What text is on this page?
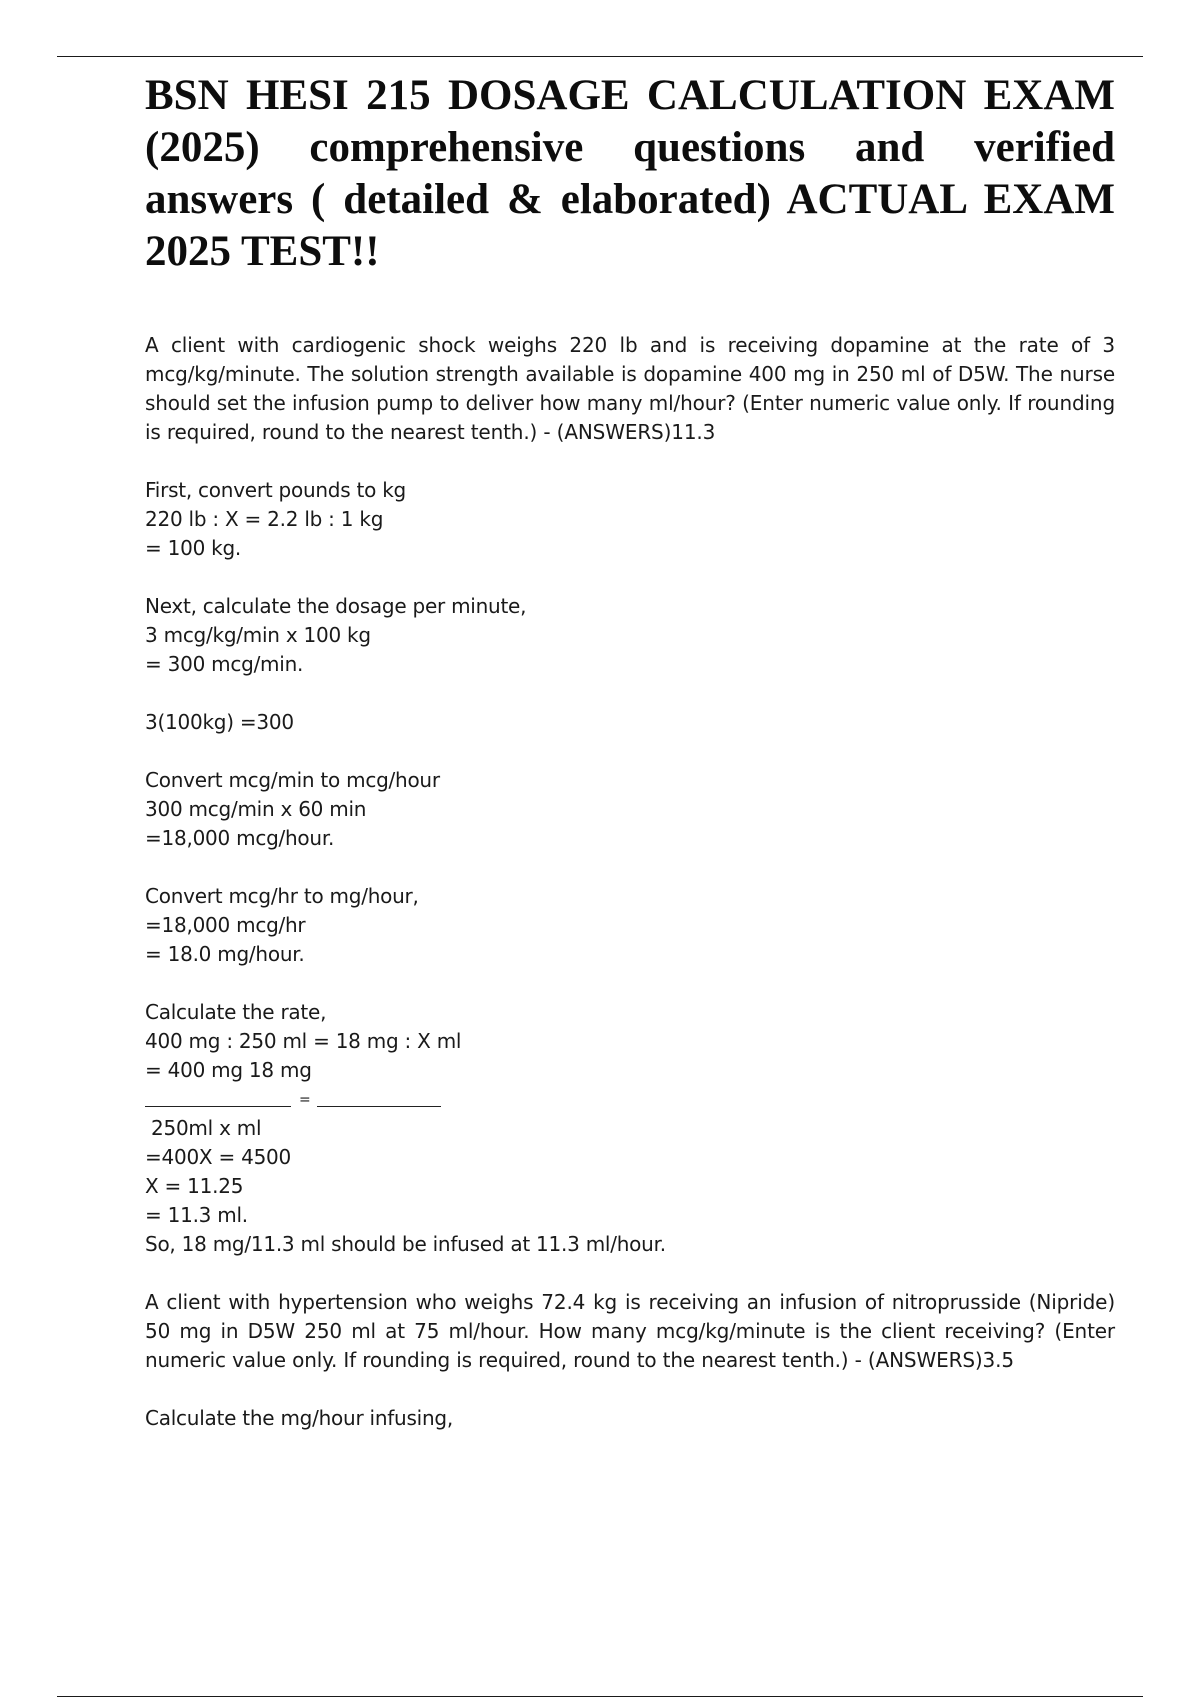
BSN HESI 215 DOSAGE CALCULATION EXAM (2025) comprehensive questions and verified answers ( detailed & elaborated) ACTUAL EXAM 2025 TEST!!

A client with cardiogenic shock weighs 220 lb and is receiving dopamine at the rate of 3 mcg/kg/minute. The solution strength available is dopamine 400 mg in 250 ml of D5W. The nurse should set the infusion pump to deliver how many ml/hour? (Enter numeric value only. If rounding is required, round to the nearest tenth.) - (ANSWERS)11.3

First, convert pounds to kg
220 lb : X = 2.2 lb : 1 kg
= 100 kg.
Next, calculate the dosage per minute,
3 mcg/kg/min x 100 kg
= 300 mcg/min.
3(100kg) =300
Convert mcg/min to mcg/hour
300 mcg/min x 60 min
=18,000 mcg/hour.
Convert mcg/hr to mg/hour,
=18,000 mcg/hr
= 18.0 mg/hour.
Calculate the rate,
400 mg : 250 ml = 18 mg : X ml
= 400 mg 18 mg
=
250ml x ml
=400X = 4500
X = 11.25
= 11.3 ml.
So, 18 mg/11.3 ml should be infused at 11.3 ml/hour.

A client with hypertension who weighs 72.4 kg is receiving an infusion of nitroprusside (Nipride) 50 mg in D5W 250 ml at 75 ml/hour. How many mcg/kg/minute is the client receiving? (Enter numeric value only. If rounding is required, round to the nearest tenth.) - (ANSWERS)3.5

Calculate the mg/hour infusing,
